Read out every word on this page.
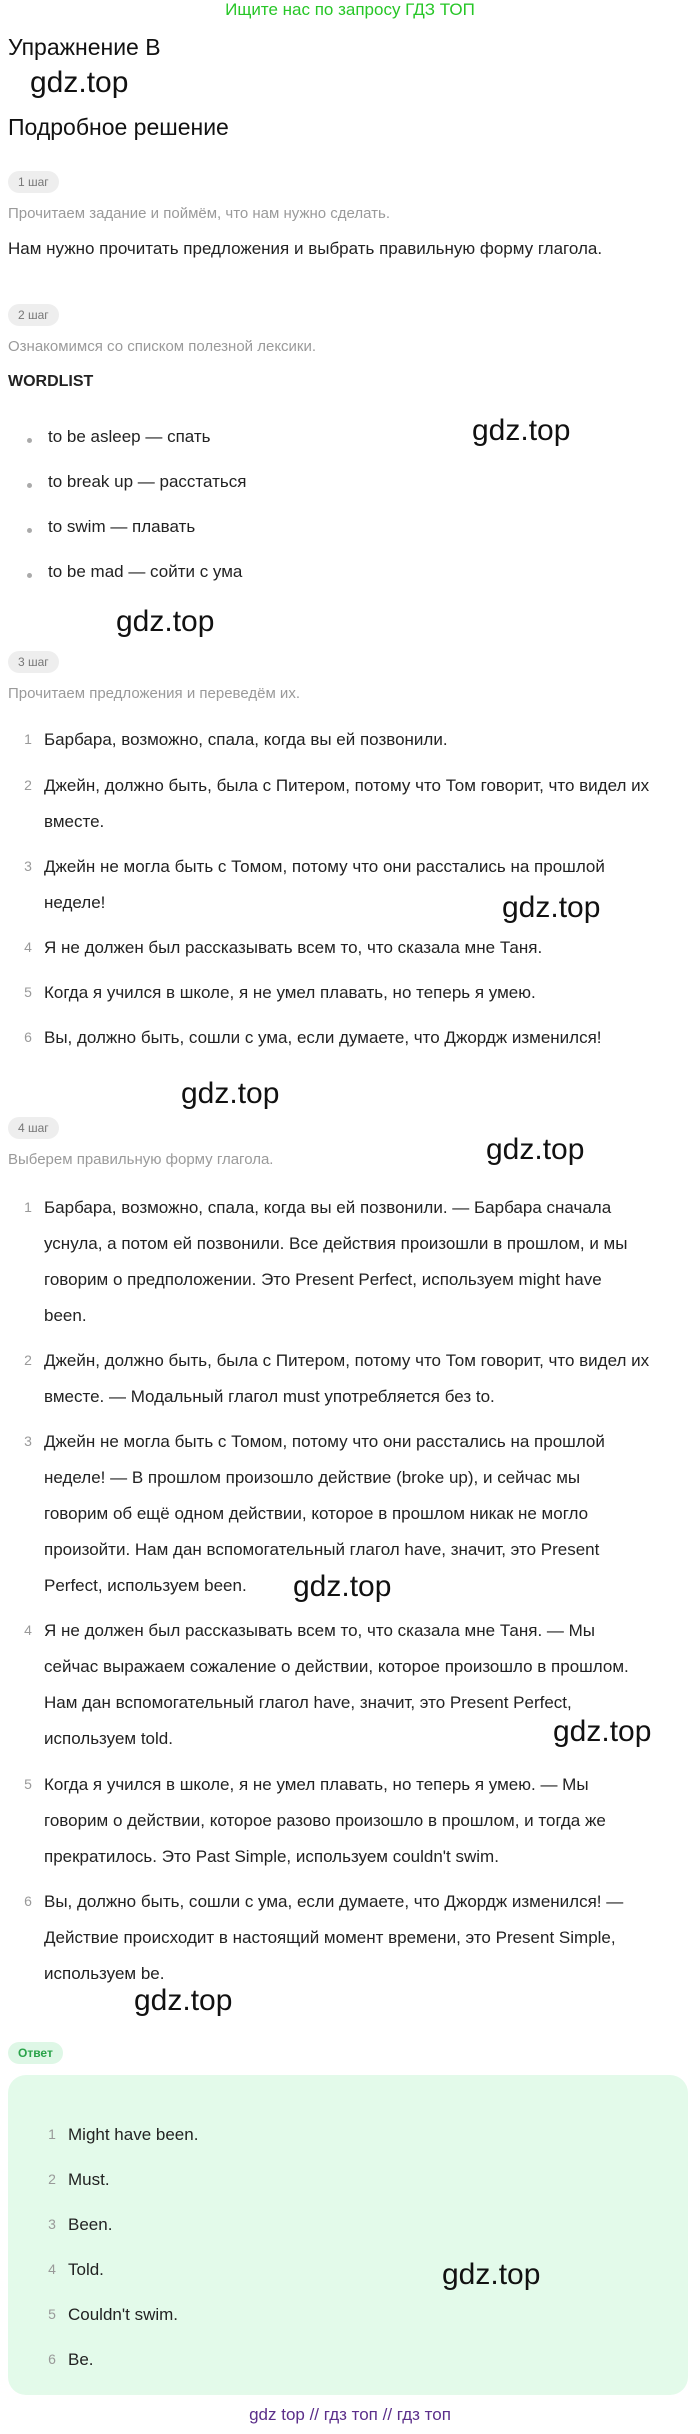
Ищите нас по запросу ГДЗ ТОП
Упражнение B
gdz.top
Подробное решение
1 шаг
Прочитаем задание и поймём, что нам нужно сделать.
Нам нужно прочитать предложения и выбрать правильную форму глагола.
2 шаг
Ознакомимся со списком полезной лексики.
WORDLIST
to be asleep — спать
to break up — расстаться
to swim — плавать
to be mad — сойти с ума
gdz.top
gdz.top
3 шаг
Прочитаем предложения и переведём их.
1 Барбара, возможно, спала, когда вы ей позвонили.
2 Джейн, должно быть, была с Питером, потому что Том говорит, что видел их
вместе.
3 Джейн не могла быть с Томом, потому что они расстались на прошлой
неделе!
4 Я не должен был рассказывать всем то, что сказала мне Таня.
5 Когда я учился в школе, я не умел плавать, но теперь я умею.
6 Вы, должно быть, сошли с ума, если думаете, что Джордж изменился!
gdz.top
gdz.top
4 шаг
Выберем правильную форму глагола.	gdz.top
1 Барбара, возможно, спала, когда вы ей позвонили. — Барбара сначала
уснула, а потом ей позвонили. Все действия произошли в прошлом, и мы
говорим о предположении. Это Present Perfect, используем might have
been.
2 Джейн, должно быть, была с Питером, потому что Том говорит, что видел их
вместе. — Модальный глагол must употребляется без to.
3 Джейн не могла быть с Томом, потому что они расстались на прошлой
неделе! — В прошлом произошло действие (broke up), и сейчас мы
говорим об ещё одном действии, которое в прошлом никак не могло
произойти. Нам дан вспомогательный глагол have, значит, это Present
Perfect, используем been. gdz.top
4 Я не должен был рассказывать всем то, что сказала мне Таня. — Мы
сейчас выражаем сожаление о действии, которое произошло в прошлом.
Нам дан вспомогательный глагол have, значит, это Present Perfect,
используем told.	gdz.top
5 Когда я учился в школе, я не умел плавать, но теперь я умею. — Мы
говорим о действии, которое разово произошло в прошлом, и тогда же
прекратилось. Это Past Simple, используем couldn't swim.
6 Вы, должно быть, сошли с ума, если думаете, что Джордж изменился! —
Действие происходит в настоящий момент времени, это Present Simple,
используем be.
gdz.top
Ответ
1 Might have been.
2 Must.
3 Been.
4 Told.
5 Couldn't swim.
6 Be.
gdz.top
gdz top // гдз топ // гдз топ
